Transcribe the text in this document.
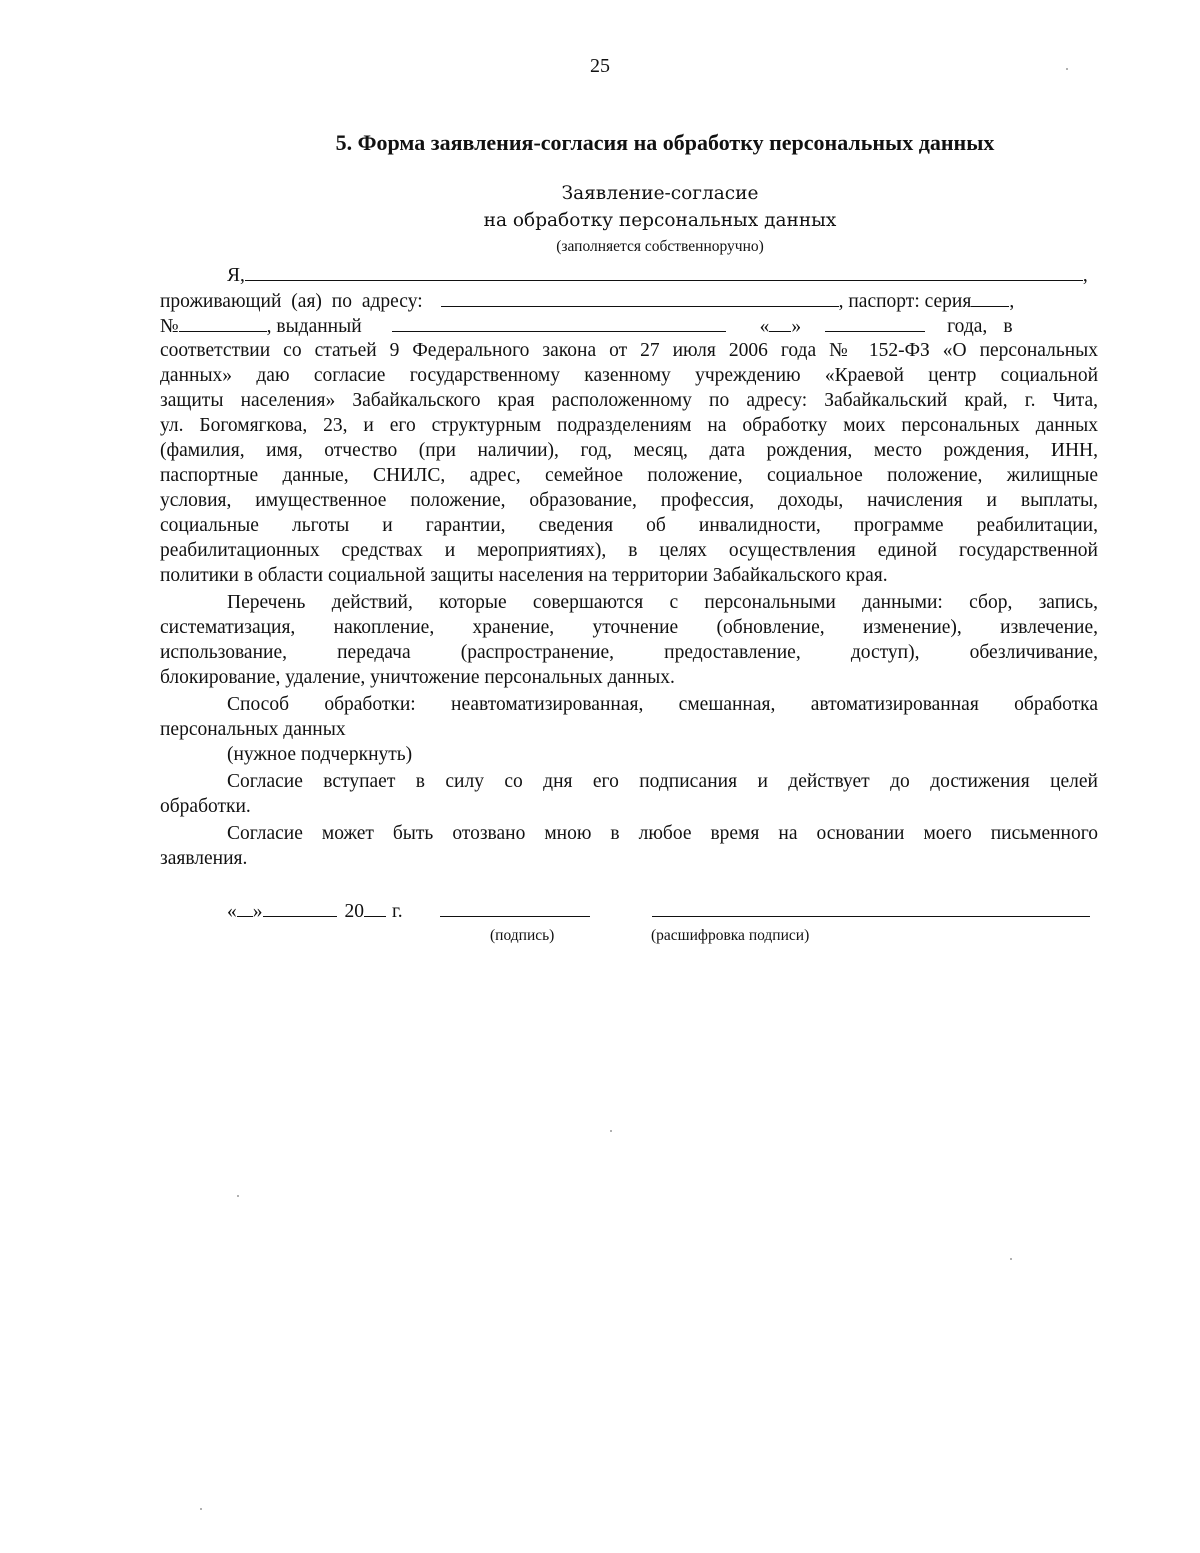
25
5. Форма заявления-согласия на обработку персональных данных
Заявление-согласие
на обработку персональных данных
(заполняется собственноручно)
Я,	,
проживающий (ая) по адресу:	, паспорт: серия ,
№	, выданный	« »	года, в
соответствии со статьей 9 Федерального закона от 27 июля 2006 года № 152-ФЗ «О персональных
данных» даю согласие государственному казенному учреждению «Краевой центр социальной
защиты населения» Забайкальского края расположенному по адресу: Забайкальский край, г. Чита,
ул. Богомягкова, 23, и его структурным подразделениям на обработку моих персональных данных
(фамилия, имя, отчество (при наличии), год, месяц, дата рождения, место рождения, ИНН,
паспортные данные, СНИЛС, адрес, семейное положение, социальное положение, жилищные
условия, имущественное положение, образование, профессия, доходы, начисления и выплаты,
социальные льготы и гарантии, сведения об инвалидности, программе реабилитации,
реабилитационных средствах и мероприятиях), в целях осуществления единой государственной
политики в области социальной защиты населения на территории Забайкальского края.
Перечень действий, которые совершаются с персональными данными: сбор, запись,
систематизация, накопление, хранение, уточнение (обновление, изменение), извлечение,
использование, передача (распространение, предоставление, доступ), обезличивание,
блокирование, удаление, уничтожение персональных данных.
Способ обработки: неавтоматизированная, смешанная, автоматизированная обработка
персональных данных
(нужное подчеркнуть)
Согласие вступает в силу со дня его подписания и действует до достижения целей
обработки.
Согласие может быть отозвано мною в любое время на основании моего письменного
заявления.
« »	20 г.
(подпись)	(расшифровка подписи)
